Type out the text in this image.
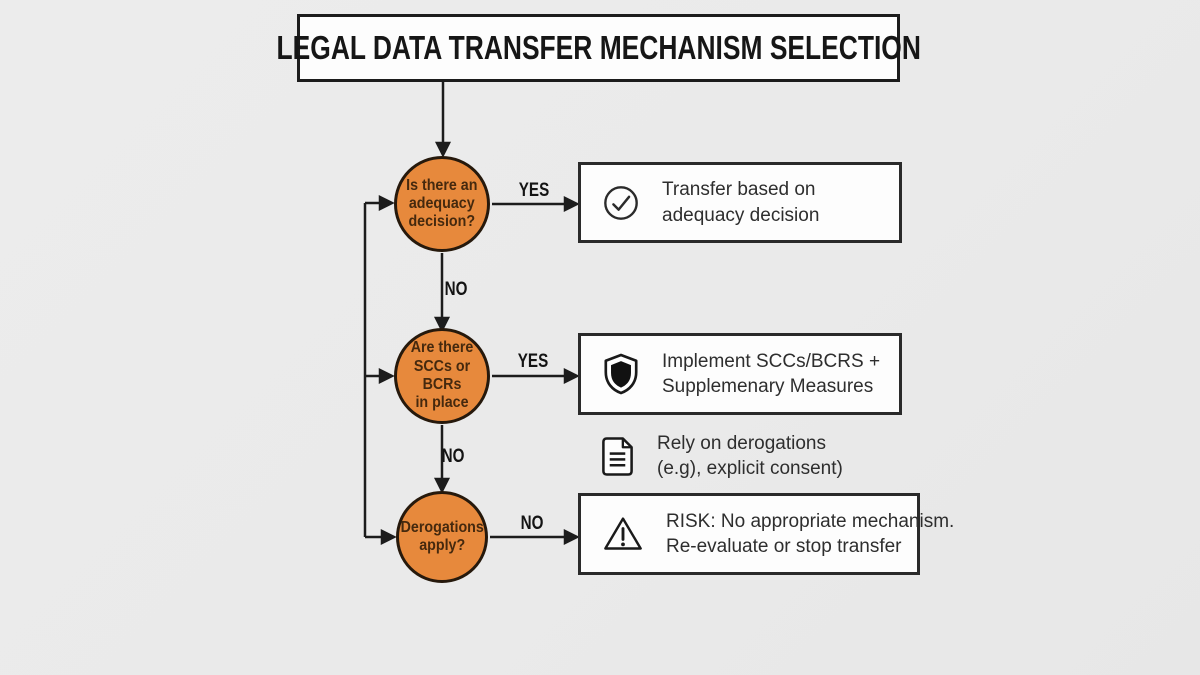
LEGAL DATA TRANSFER MECHANISM SELECTION
Is there an
adequacy
decision?
Are there
SCCs or BCRs
in place
Derogations
apply?
YES
NO
YES
NO
NO
Transfer based on
adequacy decision
Implement SCCs/BCRS +
Supplemenary Measures
Rely on derogations
(e.g), explicit consent)
RISK: No appropriate mechanism.
Re-evaluate or stop transfer
